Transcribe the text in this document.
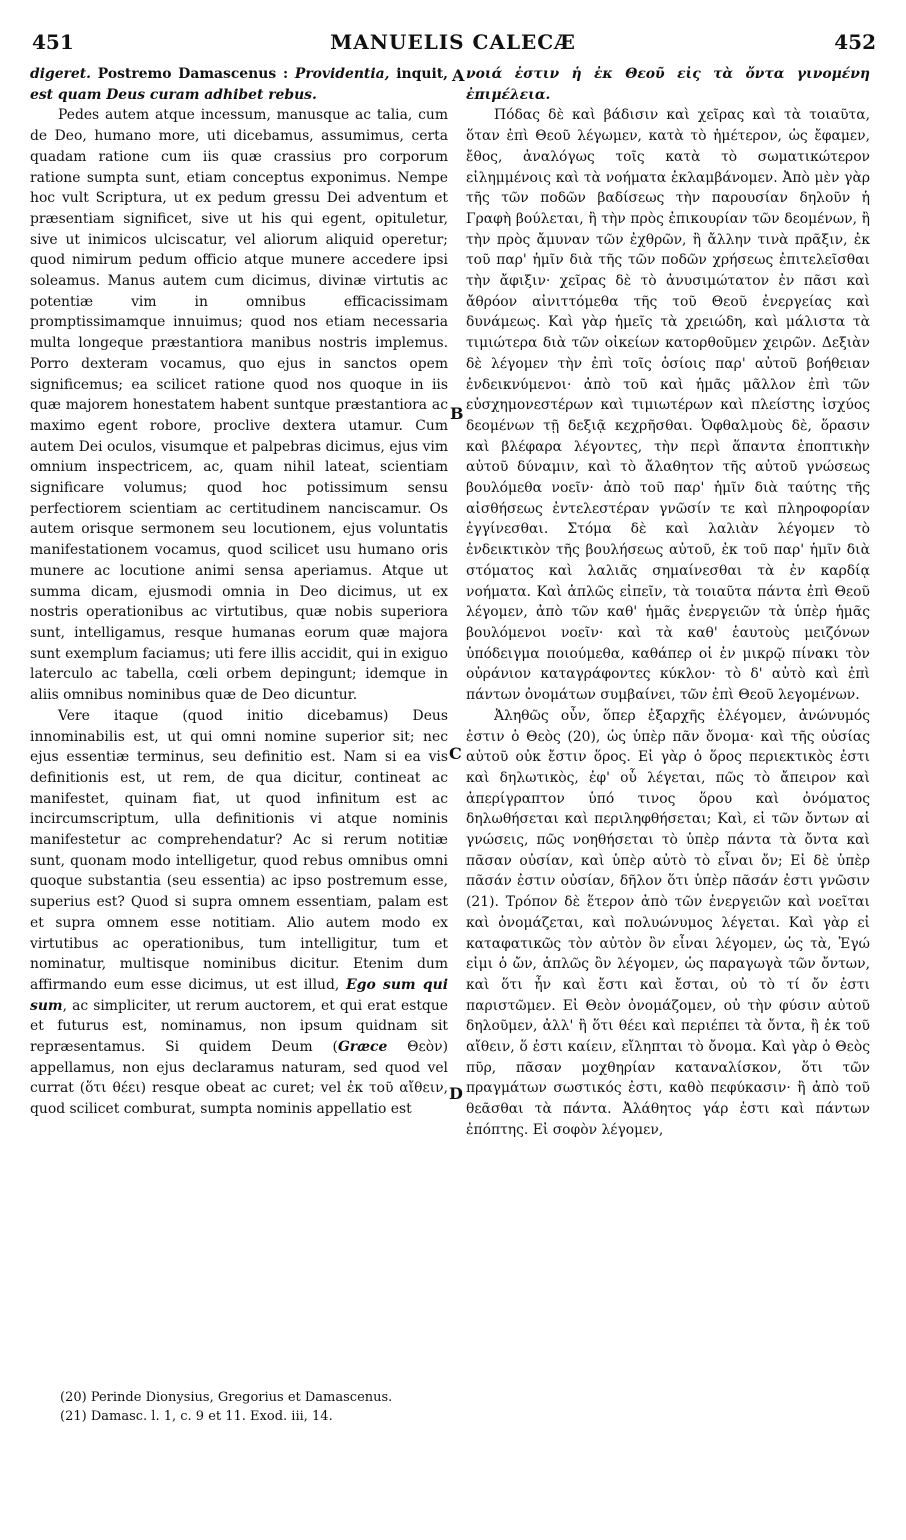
451	MANUELIS CALECÆ	452

digeret. Postremo Damascenus : Providentia, inquit, est quam Deus curam adhibet rebus.

Pedes autem atque incessum, manusque ac talia, cum de Deo, humano more, uti dicebamus, assumimus, certa quadam ratione cum iis quæ crassius pro corporum ratione sumpta sunt, etiam conceptus exponimus. Nempe hoc vult Scriptura, ut ex pedum gressu Dei adventum et præsentiam significet, sive ut his qui egent, opituletur, sive ut inimicos ulciscatur, vel aliorum aliquid operetur; quod nimirum pedum officio atque munere accedere ipsi soleamus. Manus autem cum dicimus, divinæ virtutis ac potentiæ vim in omnibus efficacissimam promptissimamque innuimus; quod nos etiam necessaria multa longeque præstantiora manibus nostris implemus. Porro dexteram vocamus, quo ejus in sanctos opem significemus; ea scilicet ratione quod nos quoque in iis quæ majorem honestatem habent suntque præstantiora ac maximo egent robore, proclive dextera utamur. Cum autem Dei oculos, visumque et palpebras dicimus, ejus vim omnium inspectricem, ac, quam nihil lateat, scientiam significare volumus; quod hoc potissimum sensu perfectiorem scientiam ac certitudinem nanciscamur. Os autem orisque sermonem seu locutionem, ejus voluntatis manifestationem vocamus, quod scilicet usu humano oris munere ac locutione animi sensa aperiamus. Atque ut summa dicam, ejusmodi omnia in Deo dicimus, ut ex nostris operationibus ac virtutibus, quæ nobis superiora sunt, intelligamus, resque humanas eorum quæ majora sunt exemplum faciamus; uti fere illis accidit, qui in exiguo laterculo ac tabella, cœli orbem depingunt; idemque in aliis omnibus nominibus quæ de Deo dicuntur.

Vere itaque (quod initio dicebamus) Deus innominabilis est, ut qui omni nomine superior sit; nec ejus essentiæ terminus, seu definitio est. Nam si ea vis definitionis est, ut rem, de qua dicitur, contineat ac manifestet, quinam fiat, ut quod infinitum est ac incircumscriptum, ulla definitionis vi atque nominis manifestetur ac comprehendatur? Ac si rerum notitiæ sunt, quonam modo intelligetur, quod rebus omnibus omni quoque substantia (seu essentia) ac ipso postremum esse, superius est? Quod si supra omnem essentiam, palam est et supra omnem esse notitiam. Alio autem modo ex virtutibus ac operationibus, tum intelligitur, tum et nominatur, multisque nominibus dicitur. Etenim dum affirmando eum esse dicimus, ut est illud, Ego sum qui sum, ac simpliciter, ut rerum auctorem, et qui erat estque et futurus est, nominamus, non ipsum quidnam sit repræsentamus. Si quidem Deum (Græce Θεὸν) appellamus, non ejus declaramus naturam, sed quod vel currat (ὅτι θέει) resque obeat ac curet; vel ἐκ τοῦ αἴθειν, quod scilicet comburat, sumpta nominis appellatio est

A
B
C
D

νοιά ἐστιν ἡ ἐκ Θεοῦ εἰς τὰ ὄντα γινομένη ἐπιμέλεια.

Πόδας δὲ καὶ βάδισιν καὶ χεῖρας καὶ τὰ τοιαῦτα, ὅταν ἐπὶ Θεοῦ λέγωμεν, κατὰ τὸ ἡμέτερον, ὡς ἔφαμεν, ἔθος, ἀναλόγως τοῖς κατὰ τὸ σωματικώτερον εἰλημμένοις καὶ τὰ νοήματα ἐκλαμβάνομεν. Ἀπὸ μὲν γὰρ τῆς τῶν ποδῶν βαδίσεως τὴν παρουσίαν δηλοῦν ἡ Γραφὴ βούλεται, ἢ τὴν πρὸς ἐπικουρίαν τῶν δεομένων, ἢ τὴν πρὸς ἄμυναν τῶν ἐχθρῶν, ἢ ἄλλην τινὰ πρᾶξιν, ἐκ τοῦ παρ' ἡμῖν διὰ τῆς τῶν ποδῶν χρήσεως ἐπιτελεῖσθαι τὴν ἄφιξιν· χεῖρας δὲ τὸ ἀνυσιμώτατον ἐν πᾶσι καὶ ἄθρόον αἰνιττόμεθα τῆς τοῦ Θεοῦ ἐνεργείας καὶ δυνάμεως. Καὶ γὰρ ἡμεῖς τὰ χρειώδη, καὶ μάλιστα τὰ τιμιώτερα διὰ τῶν οἰκείων κατορθοῦμεν χειρῶν. Δεξιὰν δὲ λέγομεν τὴν ἐπὶ τοῖς ὁσίοις παρ' αὐτοῦ βοήθειαν ἐνδεικνύμενοι· ἀπὸ τοῦ καὶ ἡμᾶς μᾶλλον ἐπὶ τῶν εὐσχημονεστέρων καὶ τιμιωτέρων καὶ πλείστης ἰσχύος δεομένων τῇ δεξιᾷ κεχρῆσθαι. Ὀφθαλμοὺς δὲ, ὅρασιν καὶ βλέφαρα λέγοντες, τὴν περὶ ἅπαντα ἐποπτικὴν αὐτοῦ δύναμιν, καὶ τὸ ἄλαθητον τῆς αὐτοῦ γνώσεως βουλόμεθα νοεῖν· ἀπὸ τοῦ παρ' ἡμῖν διὰ ταύτης τῆς αἰσθήσεως ἐντελεστέραν γνῶσίν τε καὶ πληροφορίαν ἐγγίνεσθαι. Στόμα δὲ καὶ λαλιὰν λέγομεν τὸ ἐνδεικτικὸν τῆς βουλήσεως αὐτοῦ, ἐκ τοῦ παρ' ἡμῖν διὰ στόματος καὶ λαλιᾶς σημαίνεσθαι τὰ ἐν καρδίᾳ νοήματα. Καὶ ἁπλῶς εἰπεῖν, τὰ τοιαῦτα πάντα ἐπὶ Θεοῦ λέγομεν, ἀπὸ τῶν καθ' ἡμᾶς ἐνεργειῶν τὰ ὑπὲρ ἡμᾶς βουλόμενοι νοεῖν· καὶ τὰ καθ' ἑαυτοὺς μειζόνων ὑπόδειγμα ποιούμεθα, καθάπερ οἱ ἐν μικρῷ πίνακι τὸν οὐράνιον καταγράφοντες κύκλον· τὸ δ' αὐτὸ καὶ ἐπὶ πάντων ὀνομάτων συμβαίνει, τῶν ἐπὶ Θεοῦ λεγομένων.

Ἀληθῶς οὖν, ὅπερ ἐξαρχῆς ἐλέγομεν, ἀνώνυμός ἐστιν ὁ Θεὸς (20), ὡς ὑπὲρ πᾶν ὄνομα· καὶ τῆς οὐσίας αὐτοῦ οὐκ ἔστιν ὅρος. Εἰ γὰρ ὁ ὅρος περιεκτικὸς ἐστι καὶ δηλωτικὸς, ἐφ' οὗ λέγεται, πῶς τὸ ἄπειρον καὶ ἀπερίγραπτον ὑπό τινος ὅρου καὶ ὀνόματος δηλωθήσεται καὶ περιληφθήσεται; Καὶ, εἰ τῶν ὄντων αἱ γνώσεις, πῶς νοηθήσεται τὸ ὑπὲρ πάντα τὰ ὄντα καὶ πᾶσαν οὐσίαν, καὶ ὑπὲρ αὐτὸ τὸ εἶναι ὄν; Εἰ δὲ ὑπὲρ πᾶσάν ἐστιν οὐσίαν, δῆλον ὅτι ὑπὲρ πᾶσάν ἐστι γνῶσιν (21). Τρόπον δὲ ἕτερον ἀπὸ τῶν ἐνεργειῶν καὶ νοεῖται καὶ ὀνομάζεται, καὶ πολυώνυμος λέγεται. Καὶ γὰρ εἰ καταφατικῶς τὸν αὐτὸν ὂν εἶναι λέγομεν, ὡς τὰ, Ἐγώ εἰμι ὁ ὤν, ἁπλῶς ὂν λέγομεν, ὡς παραγωγὰ τῶν ὄντων, καὶ ὅτι ἦν καὶ ἔστι καὶ ἔσται, οὐ τὸ τί ὄν ἐστι παριστῶμεν. Εἰ Θεὸν ὀνομάζομεν, οὐ τὴν φύσιν αὐτοῦ δηλοῦμεν, ἀλλ' ἢ ὅτι θέει καὶ περιέπει τὰ ὄντα, ἢ ἐκ τοῦ αἴθειν, ὅ ἐστι καίειν, εἴληπται τὸ ὄνομα. Καὶ γὰρ ὁ Θεὸς πῦρ, πᾶσαν μοχθηρίαν καταναλίσκον, ὅτι τῶν πραγμάτων σωστικός ἐστι, καθὸ πεφύκασιν· ἢ ἀπὸ τοῦ θεᾶσθαι τὰ πάντα. Ἀλάθητος γάρ ἐστι καὶ πάντων ἐπόπτης. Εἰ σοφὸν λέγομεν,

(20) Perinde Dionysius, Gregorius et Damascenus.
(21) Damasc. l. 1, c. 9 et 11. Exod. iii, 14.
